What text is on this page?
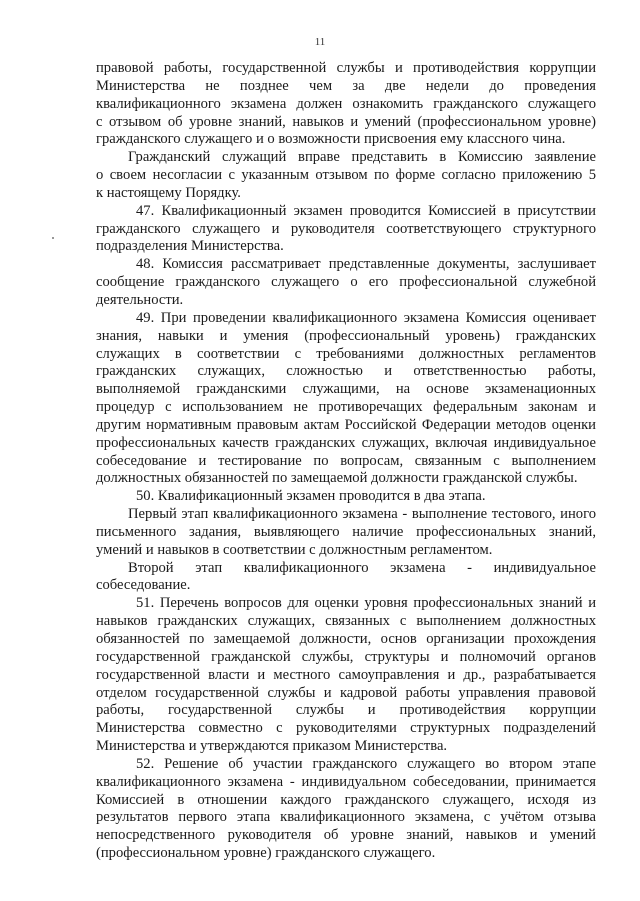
11
правовой работы, государственной службы и противодействия коррупции
Министерства не позднее чем за две недели до проведения
квалификационного экзамена должен ознакомить гражданского служащего
с отзывом об уровне знаний, навыков и умений (профессиональном уровне)
гражданского служащего и о возможности присвоения ему классного чина.
Гражданский служащий вправе представить в Комиссию заявление
о своем несогласии с указанным отзывом по форме согласно приложению 5
к настоящему Порядку.
47. Квалификационный экзамен проводится Комиссией в присутствии
гражданского служащего и руководителя соответствующего структурного
подразделения Министерства.
48. Комиссия рассматривает представленные документы, заслушивает
сообщение гражданского служащего о его профессиональной служебной
деятельности.
49. При проведении квалификационного экзамена Комиссия оценивает
знания, навыки и умения (профессиональный уровень) гражданских
служащих в соответствии с требованиями должностных регламентов
гражданских служащих, сложностью и ответственностью работы,
выполняемой гражданскими служащими, на основе экзаменационных
процедур с использованием не противоречащих федеральным законам и
другим нормативным правовым актам Российской Федерации методов оценки
профессиональных качеств гражданских служащих, включая индивидуальное
собеседование и тестирование по вопросам, связанным с выполнением
должностных обязанностей по замещаемой должности гражданской службы.
50. Квалификационный экзамен проводится в два этапа.
Первый этап квалификационного экзамена - выполнение тестового, иного
письменного задания, выявляющего наличие профессиональных знаний,
умений и навыков в соответствии с должностным регламентом.
Второй этап квалификационного экзамена - индивидуальное
собеседование.
51. Перечень вопросов для оценки уровня профессиональных знаний и
навыков гражданских служащих, связанных с выполнением должностных
обязанностей по замещаемой должности, основ организации прохождения
государственной гражданской службы, структуры и полномочий органов
государственной власти и местного самоуправления и др., разрабатывается
отделом государственной службы и кадровой работы управления правовой
работы, государственной службы и противодействия коррупции
Министерства совместно с руководителями структурных подразделений
Министерства и утверждаются приказом Министерства.
52. Решение об участии гражданского служащего во втором этапе
квалификационного экзамена - индивидуальном собеседовании, принимается
Комиссией в отношении каждого гражданского служащего, исходя из
результатов первого этапа квалификационного экзамена, с учётом отзыва
непосредственного руководителя об уровне знаний, навыков и умений
(профессиональном уровне) гражданского служащего.
